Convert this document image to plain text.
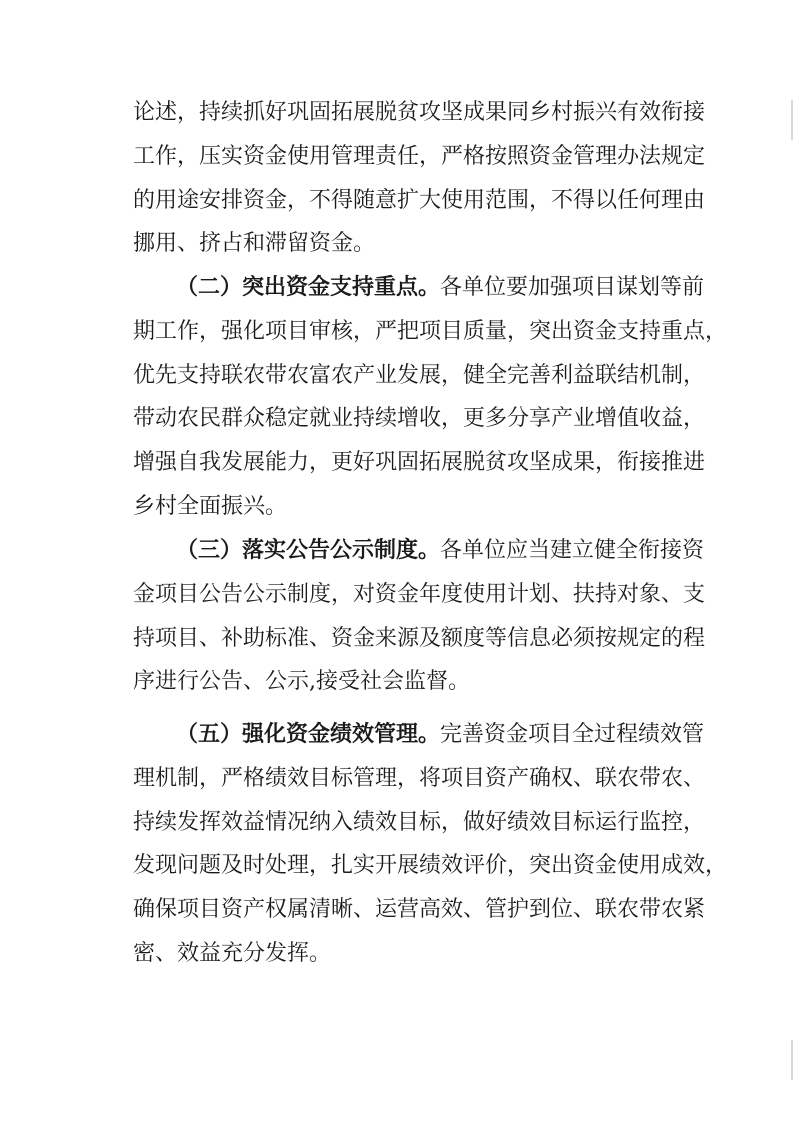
论述，持续抓好巩固拓展脱贫攻坚成果同乡村振兴有效衔接
工作，压实资金使用管理责任，严格按照资金管理办法规定
的用途安排资金，不得随意扩大使用范围，不得以任何理由
挪用、挤占和滞留资金。
（二）突出资金支持重点。各单位要加强项目谋划等前
期工作，强化项目审核，严把项目质量，突出资金支持重点，
优先支持联农带农富农产业发展，健全完善利益联结机制，
带动农民群众稳定就业持续增收，更多分享产业增值收益，
增强自我发展能力，更好巩固拓展脱贫攻坚成果，衔接推进
乡村全面振兴。
（三）落实公告公示制度。各单位应当建立健全衔接资
金项目公告公示制度，对资金年度使用计划、扶持对象、支
持项目、补助标准、资金来源及额度等信息必须按规定的程
序进行公告、公示,接受社会监督。
（五）强化资金绩效管理。完善资金项目全过程绩效管
理机制，严格绩效目标管理，将项目资产确权、联农带农、
持续发挥效益情况纳入绩效目标，做好绩效目标运行监控，
发现问题及时处理，扎实开展绩效评价，突出资金使用成效，
确保项目资产权属清晰、运营高效、管护到位、联农带农紧
密、效益充分发挥。
